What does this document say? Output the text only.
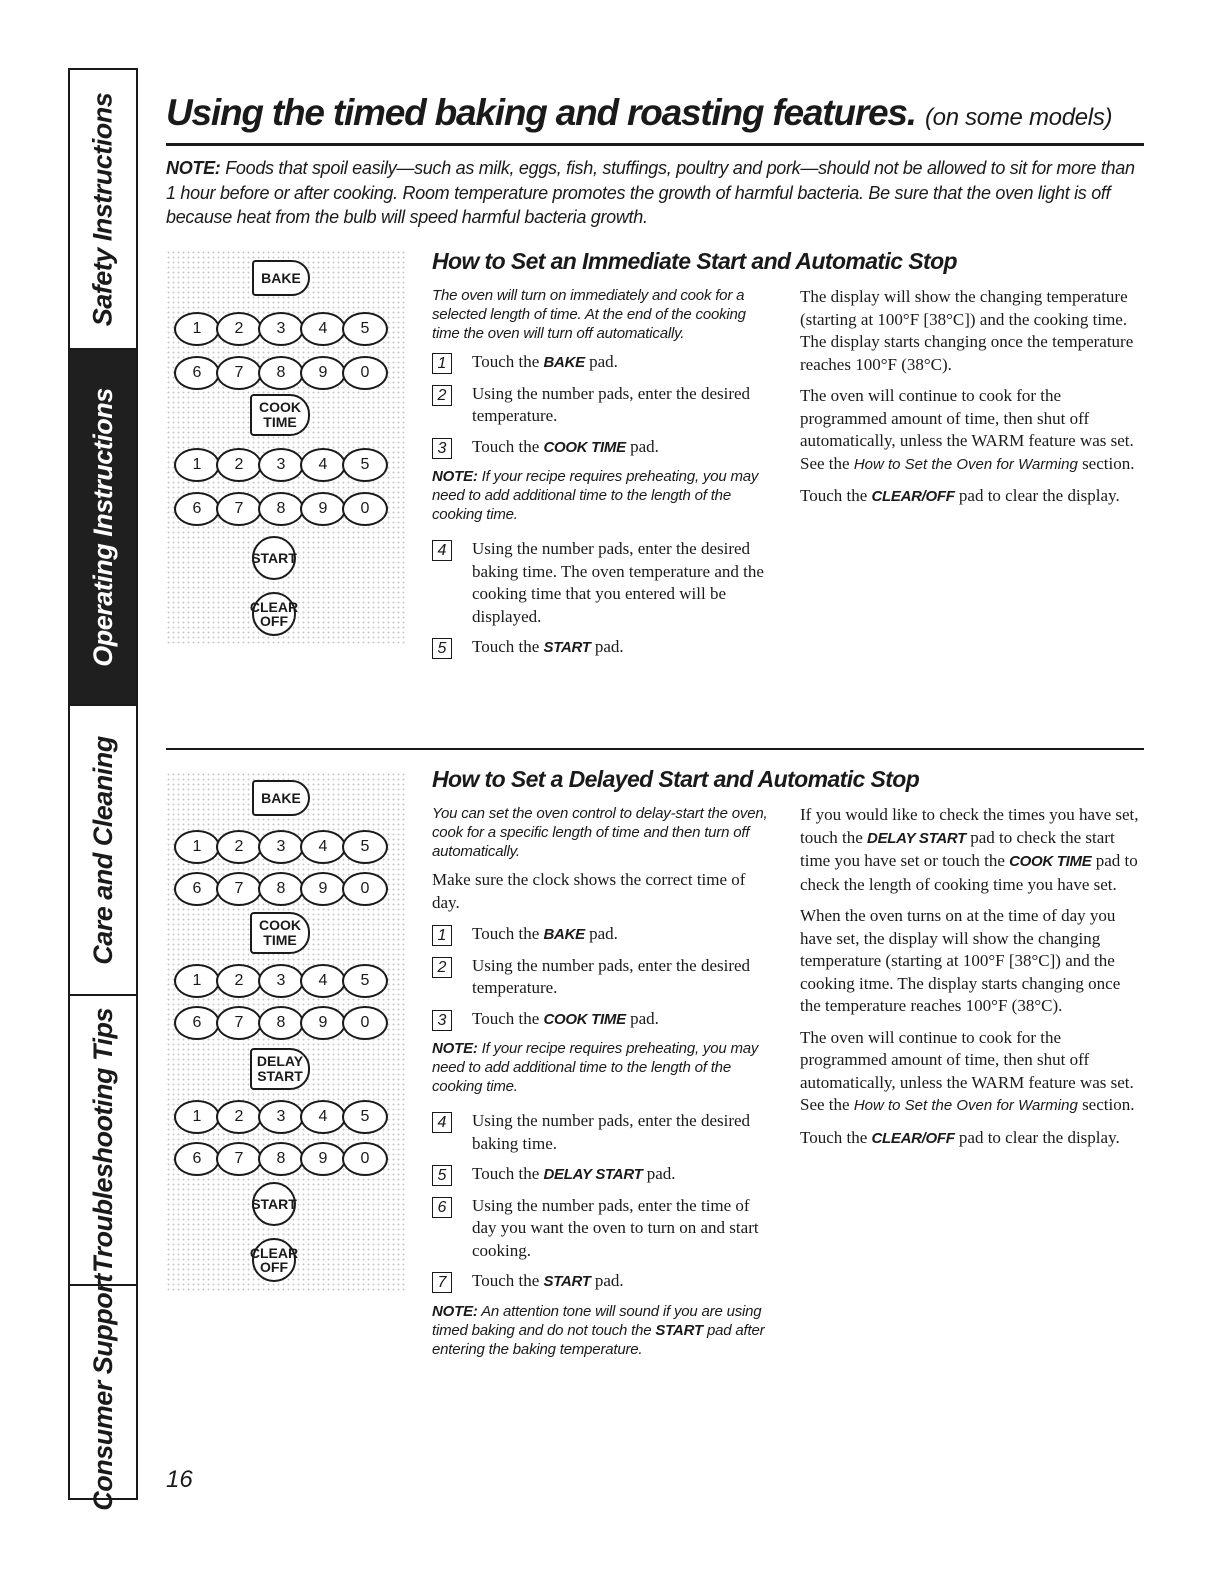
Safety Instructions
Operating Instructions
Care and Cleaning
Troubleshooting Tips
Consumer Support
Using the timed baking and roasting features. (on some models)
NOTE: Foods that spoil easily—such as milk, eggs, fish, stuffings, poultry and pork—should not be allowed to sit for more than 1 hour before or after cooking. Room temperature promotes the growth of harmful bacteria. Be sure that the oven light is off because heat from the bulb will speed harmful bacteria growth.
BAKE
1	2	3	4	5
6	7	8	9	0
COOK
TIME
1	2	3	4	5
6	7	8	9	0
START
CLEAR
OFF
How to Set an Immediate Start and Automatic Stop

The oven will turn on immediately and cook for a selected length of time. At the end of the cooking time the oven will turn off automatically.

1	Touch the BAKE pad.
2	Using the number pads, enter the desired temperature.
3	Touch the COOK TIME pad.

NOTE: If your recipe requires preheating, you may need to add additional time to the length of the cooking time.

4	Using the number pads, enter the desired baking time. The oven temperature and the cooking time that you entered will be displayed.
5	Touch the START pad.

The display will show the changing temperature (starting at 100°F [38°C]) and the cooking time. The display starts changing once the temperature reaches 100°F (38°C).

The oven will continue to cook for the programmed amount of time, then shut off automatically, unless the WARM feature was set. See the How to Set the Oven for Warming section.

Touch the CLEAR/OFF pad to clear the display.

BAKE
1	2	3	4	5
6	7	8	9	0
COOK
TIME
1	2	3	4	5
6	7	8	9	0
DELAY
START
1	2	3	4	5
6	7	8	9	0
START
CLEAR
OFF
How to Set a Delayed Start and Automatic Stop

You can set the oven control to delay-start the oven, cook for a specific length of time and then turn off automatically.

Make sure the clock shows the correct time of day.

1	Touch the BAKE pad.
2	Using the number pads, enter the desired temperature.
3	Touch the COOK TIME pad.

NOTE: If your recipe requires preheating, you may need to add additional time to the length of the cooking time.

4	Using the number pads, enter the desired baking time.
5	Touch the DELAY START pad.
6	Using the number pads, enter the time of day you want the oven to turn on and start cooking.
7	Touch the START pad.

NOTE: An attention tone will sound if you are using timed baking and do not touch the START pad after entering the baking temperature.

If you would like to check the times you have set, touch the DELAY START pad to check the start time you have set or touch the COOK TIME pad to check the length of cooking time you have set.

When the oven turns on at the time of day you have set, the display will show the changing temperature (starting at 100°F [38°C]) and the cooking itme. The display starts changing once the temperature reaches 100°F (38°C).

The oven will continue to cook for the programmed amount of time, then shut off automatically, unless the WARM feature was set. See the How to Set the Oven for Warming section.

Touch the CLEAR/OFF pad to clear the display.

16
